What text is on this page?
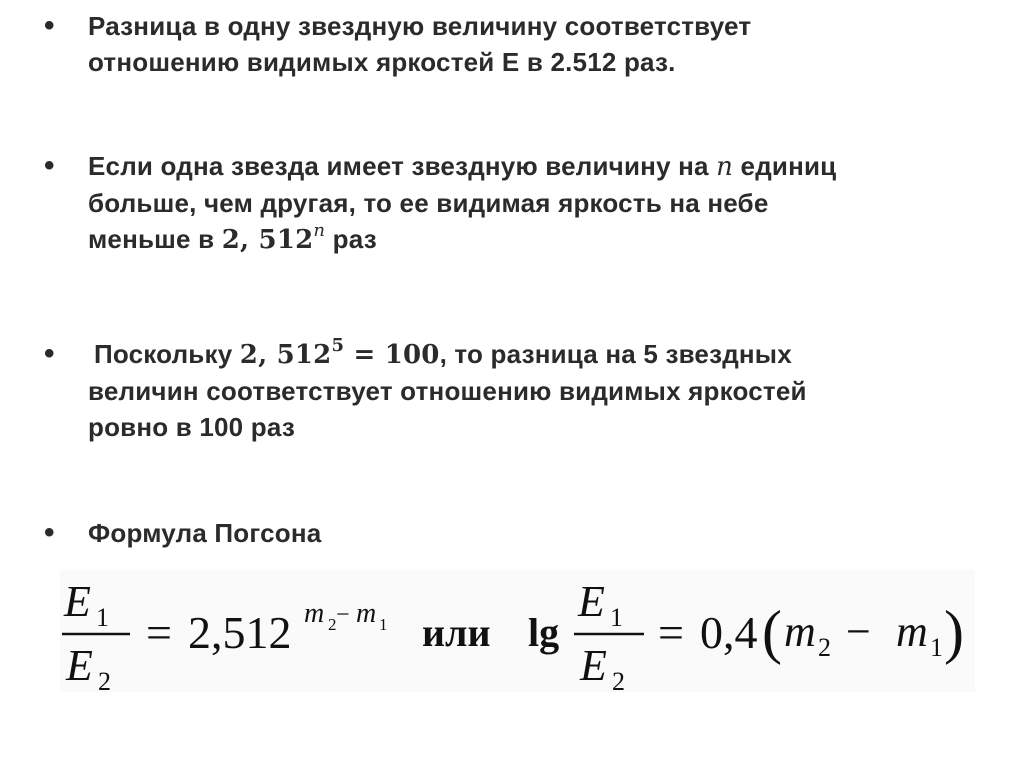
• Разница в одну звездную величину соответствует
отношению видимых яркостей Е в 2.512 раз.
• Если одна звезда имеет звездную величину на n единиц
больше, чем другая, то ее видимая яркость на небе
меньше в 2, 512$^n$ раз
• Поскольку 2, $512^5 = 100$, то разница на 5 звездных
величин соответствует отношению видимых яркостей
ровно в 100 раз
• Формула Погсона
E 1
E 2
= 2,512 m 2 − m 1 или lg
E 1
E 2
= 0,4 ( m 2 − m 1 )
